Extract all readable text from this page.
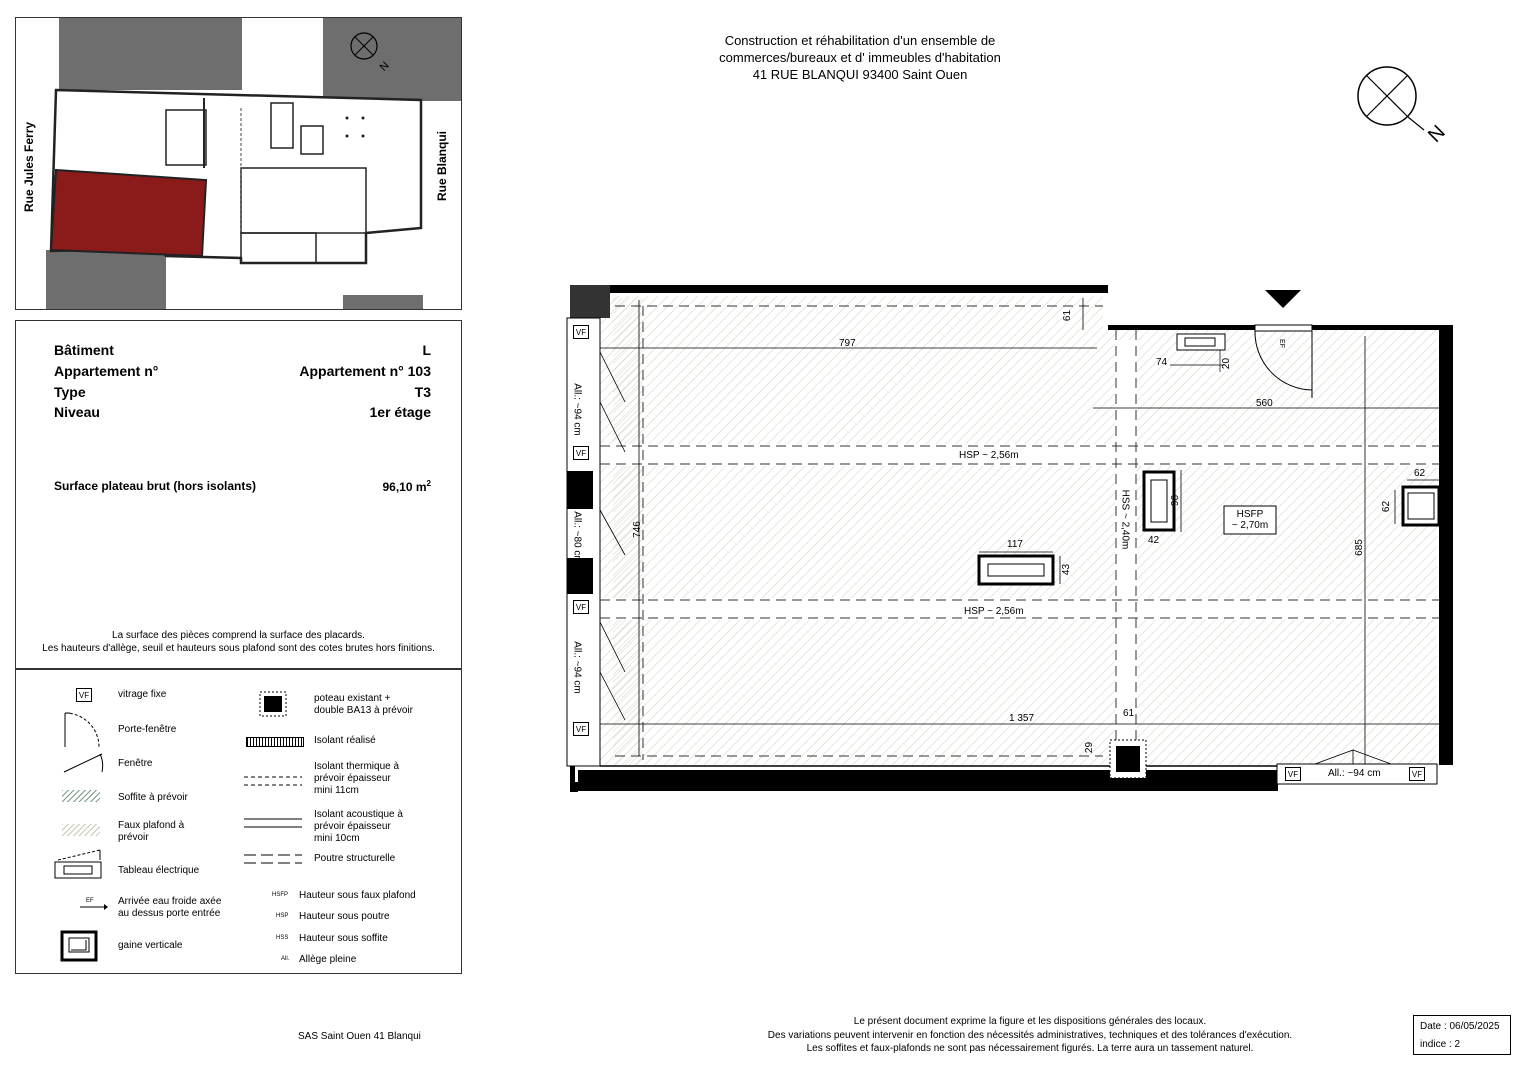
Construction et réhabilitation d'un ensemble de
commerces/bureaux et d' immeubles d'habitation
41 RUE BLANQUI 93400 Saint Ouen
N
N
Rue Jules Ferry	Rue Blanqui
Bâtiment	L
Appartement n°	Appartement n° 103
Type	T3
Niveau	1er étage
Surface plateau brut (hors isolants)	96,10 $m^2$
La surface des pièces comprend la surface des placards.
Les hauteurs d'allège, seuil et hauteurs sous plafond sont des cotes brutes hors finitions.
VF
EF
vitrage fixe
Porte-fenêtre
Fenêtre
Soffite à prévoir
Faux plafond à
prévoir
Tableau électrique
Arrivée eau froide axée
au dessus porte entrée
gaine verticale
poteau existant +
double BA13 à prévoir
Isolant réalisé
Isolant thermique à
prévoir épaisseur
mini 11cm
Isolant acoustique à
prévoir épaisseur
mini 10cm
Poutre structurelle
HSFP Hauteur sous faux plafond
HSP Hauteur sous poutre
HSS Hauteur sous soffite
All. Allège pleine
VF
VF
VF
VF
VF	VF
All.: ~94 cm
All.: ~80 cm
All.: ~94 cm
All.: ~94 cm
797
61
74	20
560
62
62
746
117
43
96
42	685
1 357	61
29
HSP ~ 2,56m
HSP ~ 2,56m
HSS ~ 2,40m	HSFP
~ 2,70m
EF
SAS Saint Ouen 41 Blanqui
Le présent document exprime la figure et les dispositions générales des locaux.
Des variations peuvent intervenir en fonction des nécessités administratives, techniques et des tolérances d'exécution.
Les soffites et faux-plafonds ne sont pas nécessairement figurés. La terre aura un tassement naturel.
Date : 06/05/2025
indice : 2
